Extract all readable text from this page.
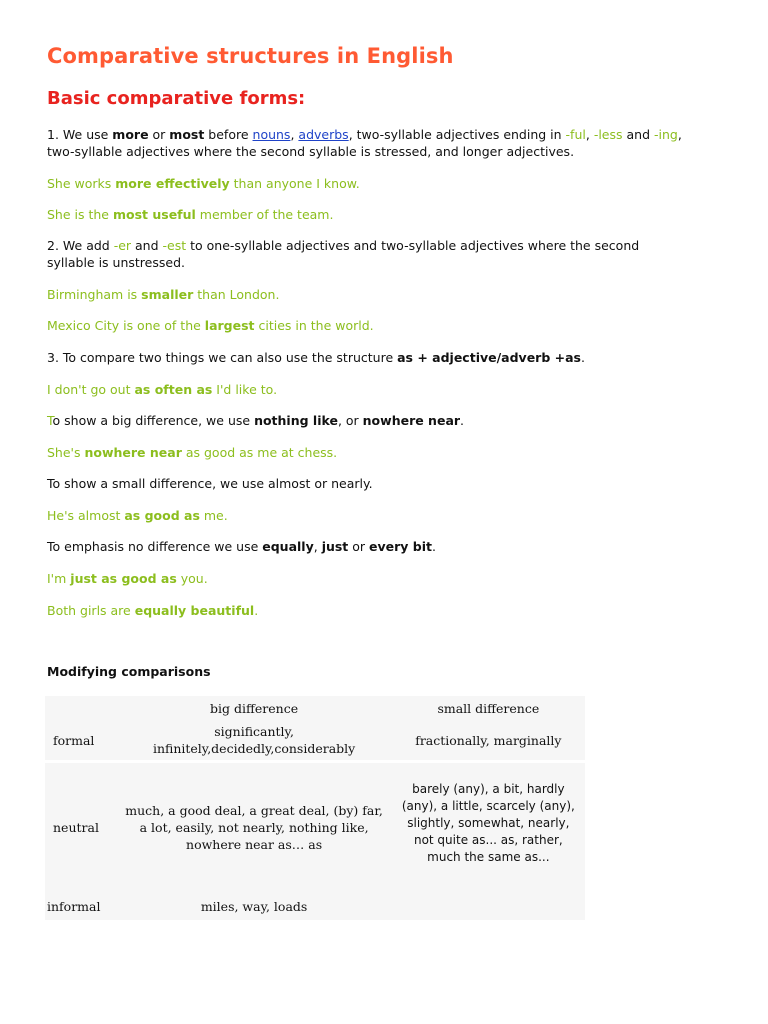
Comparative structures in English
Basic comparative forms:
1. We use more or most before nouns, adverbs, two-syllable adjectives ending in -ful, -less and -ing, two-syllable adjectives where the second syllable is stressed, and longer adjectives.
She works more effectively than anyone I know.
She is the most useful member of the team.
2. We add -er and -est to one-syllable adjectives and two-syllable adjectives where the second syllable is unstressed.
Birmingham is smaller than London.
Mexico City is one of the largest cities in the world.
3. To compare two things we can also use the structure as + adjective/adverb +as.
I don't go out as often as I'd like to.
To show a big difference, we use nothing like, or nowhere near.
She's nowhere near as good as me at chess.
To show a small difference, we use almost or nearly.
He's almost as good as me.
To emphasis no difference we use equally, just or every bit.
I'm just as good as you.
Both girls are equally beautiful.
Modifying comparisons
	big difference	small difference
formal	significantly, infinitely,decidedly,considerably	fractionally, marginally
neutral	much, a good deal, a great deal, (by) far, a lot, easily, not nearly, nothing like, nowhere near as… as	barely (any), a bit, hardly (any), a little, scarcely (any), slightly, somewhat, nearly, not quite as... as, rather, much the same as...
informal	miles, way, loads	
